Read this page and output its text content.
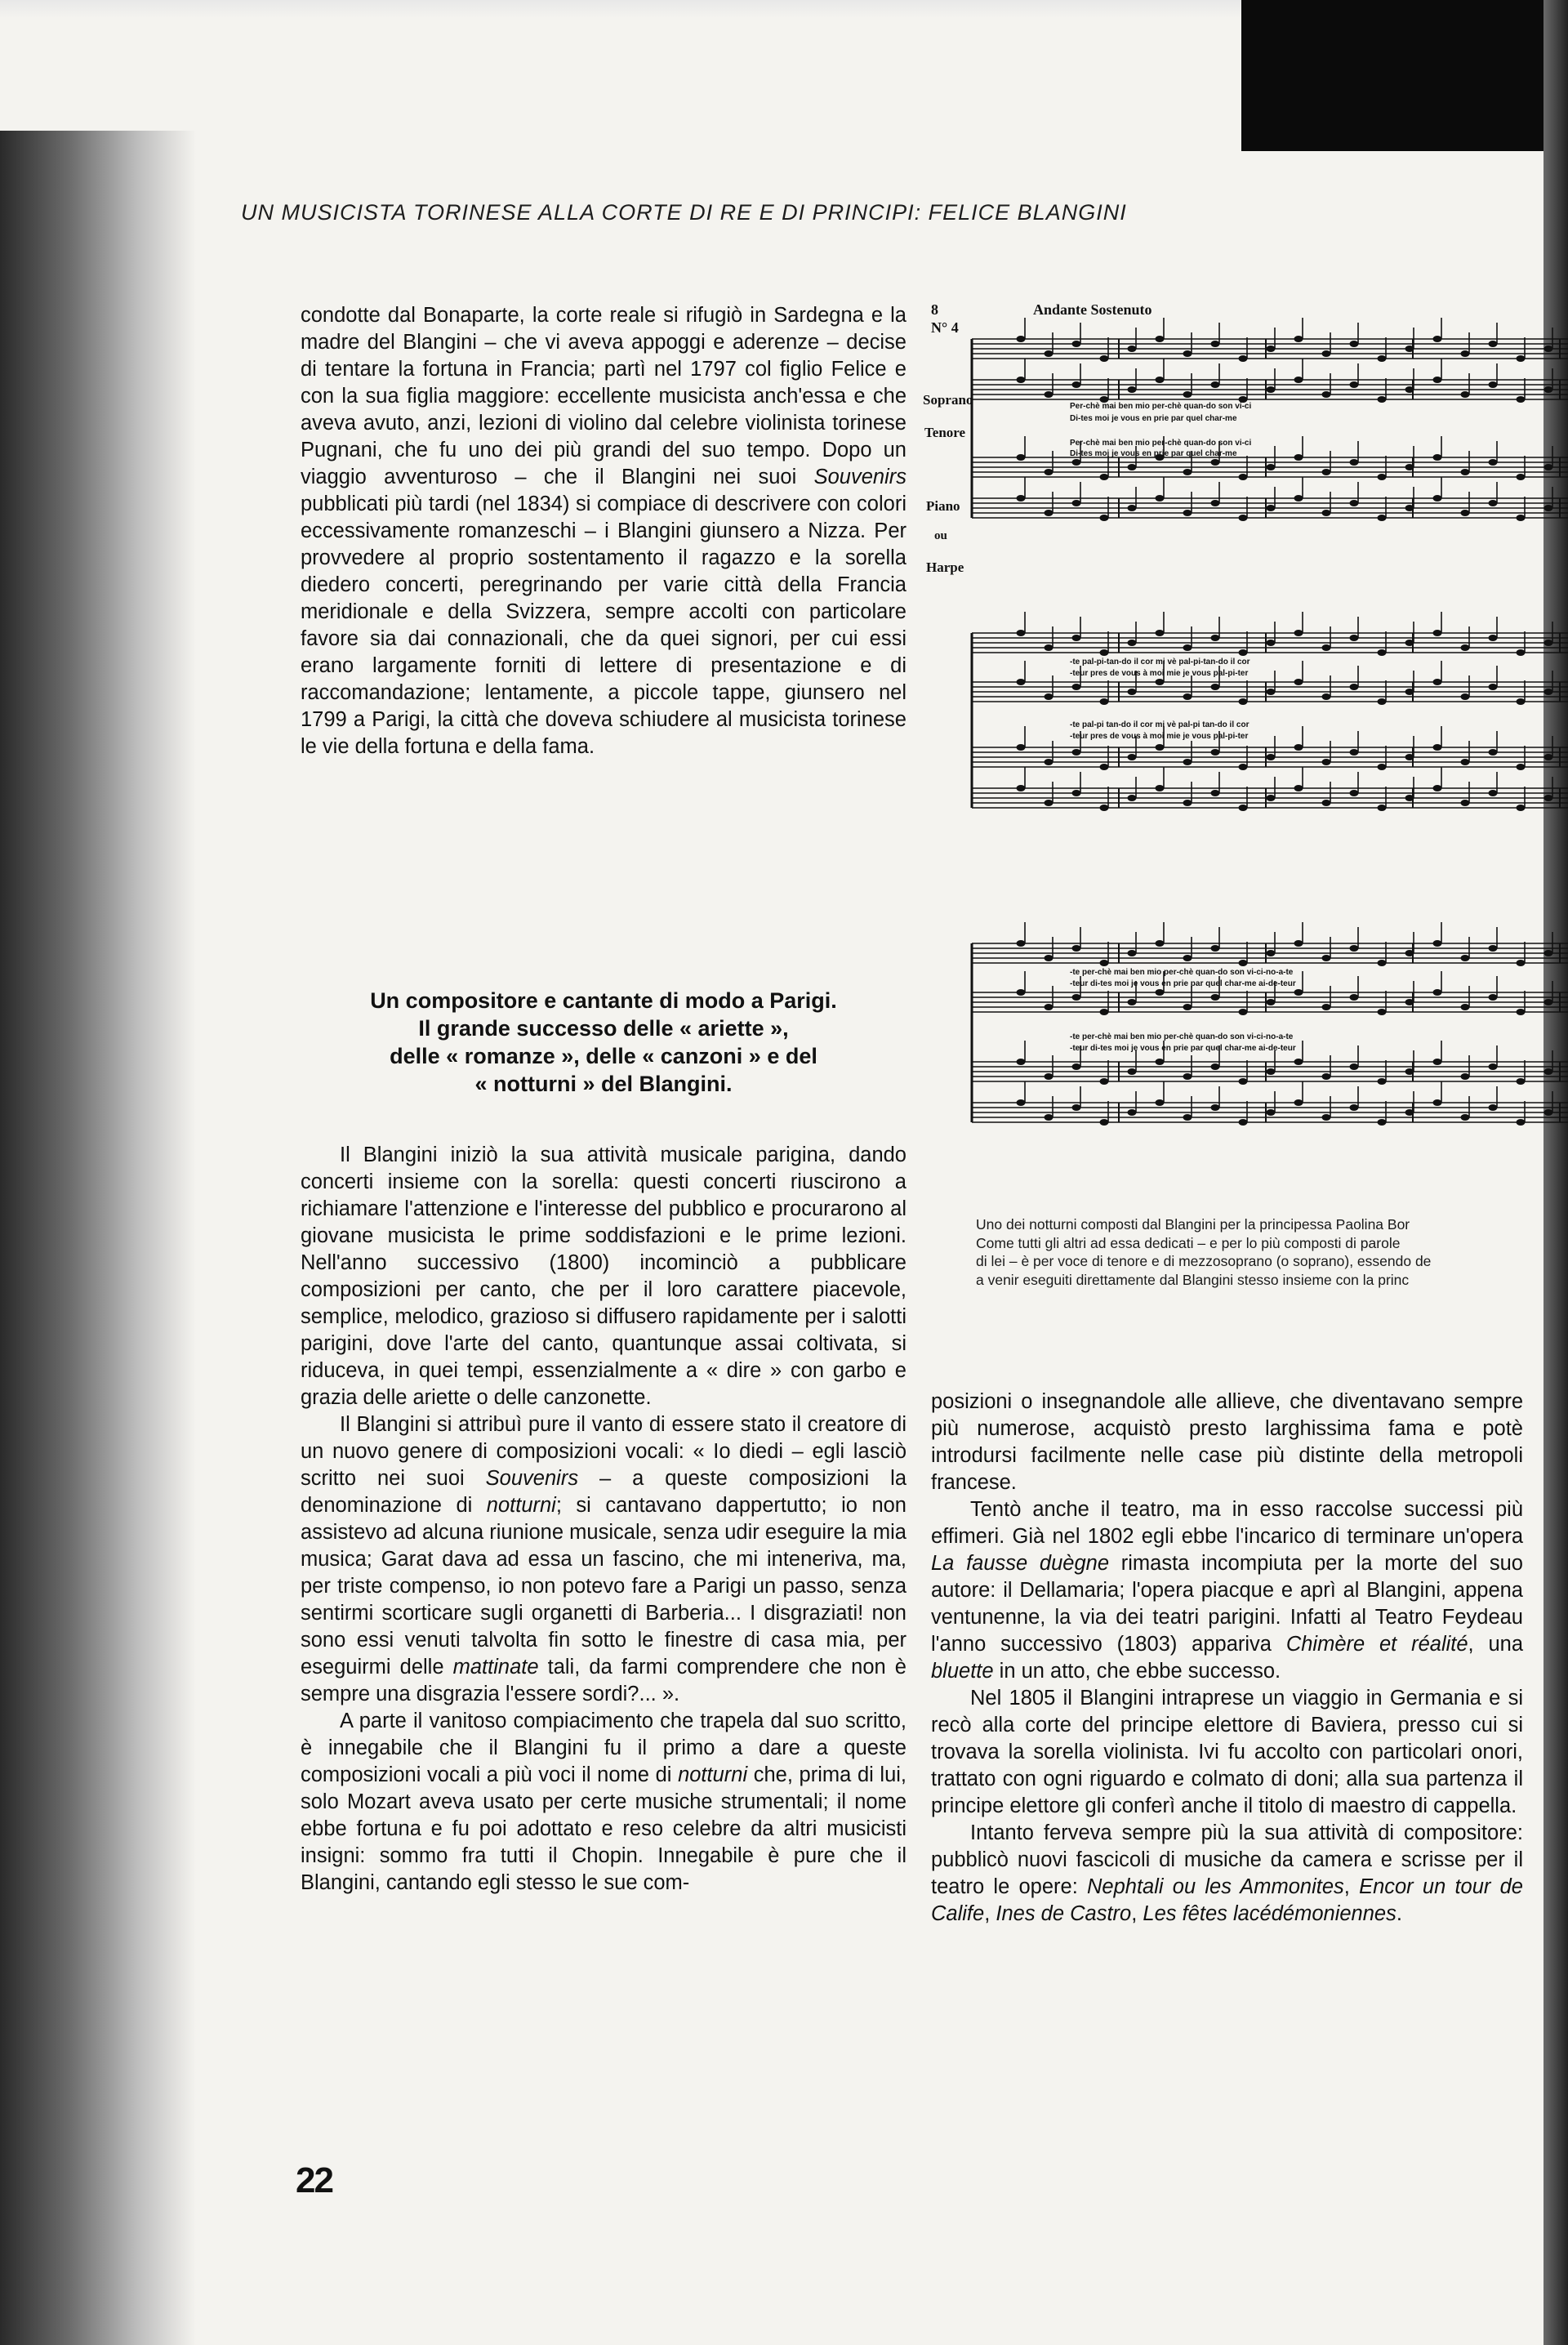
UN MUSICISTA TORINESE ALLA CORTE DI RE E DI PRINCIPI: FELICE BLANGINI

condotte dal Bonaparte, la corte reale si rifugiò in Sardegna e la madre del Blangini – che vi aveva appoggi e aderenze – decise di tentare la fortuna in Francia; partì nel 1797 col figlio Felice e con la sua figlia maggiore: eccellente musicista anch'essa e che aveva avuto, anzi, lezioni di violino dal celebre violinista torinese Pugnani, che fu uno dei più grandi del suo tempo. Dopo un viaggio avventuroso – che il Blangini nei suoi Souvenirs pubblicati più tardi (nel 1834) si compiace di descrivere con colori eccessivamente romanzeschi – i Blangini giunsero a Nizza. Per provvedere al proprio sostentamento il ragazzo e la sorella diedero concerti, peregrinando per varie città della Francia meridionale e della Svizzera, sempre accolti con particolare favore sia dai connazionali, che da quei signori, per cui essi erano largamente forniti di lettere di presentazione e di raccomandazione; lentamente, a piccole tappe, giunsero nel 1799 a Parigi, la città che doveva schiudere al musicista torinese le vie della fortuna e della fama.

Un compositore e cantante di modo a Parigi.
Il grande successo delle « ariette »,
delle « romanze », delle « canzoni » e del
« notturni » del Blangini.

Il Blangini iniziò la sua attività musicale parigina, dando concerti insieme con la sorella: questi concerti riuscirono a richiamare l'attenzione e l'interesse del pubblico e procurarono al giovane musicista le prime soddisfazioni e le prime lezioni. Nell'anno successivo (1800) incominciò a pubblicare composizioni per canto, che per il loro carattere piacevole, semplice, melodico, grazioso si diffusero rapidamente per i salotti parigini, dove l'arte del canto, quantunque assai coltivata, si riduceva, in quei tempi, essenzialmente a « dire » con garbo e grazia delle ariette o delle canzonette.

Il Blangini si attribuì pure il vanto di essere stato il creatore di un nuovo genere di composizioni vocali: « Io diedi – egli lasciò scritto nei suoi Souvenirs – a queste composizioni la denominazione di notturni; si cantavano dappertutto; io non assistevo ad alcuna riunione musicale, senza udir eseguire la mia musica; Garat dava ad essa un fascino, che mi inteneriva, ma, per triste compenso, io non potevo fare a Parigi un passo, senza sentirmi scorticare sugli organetti di Barberia... I disgraziati! non sono essi venuti talvolta fin sotto le finestre di casa mia, per eseguirmi delle mattinate tali, da farmi comprendere che non è sempre una disgrazia l'essere sordi?... ».

A parte il vanitoso compiacimento che trapela dal suo scritto, è innegabile che il Blangini fu il primo a dare a queste composizioni vocali a più voci il nome di notturni che, prima di lui, solo Mozart aveva usato per certe musiche strumentali; il nome ebbe fortuna e fu poi adottato e reso celebre da altri musicisti insigni: sommo fra tutti il Chopin. Innegabile è pure che il Blangini, cantando egli stesso le sue com-

8
N° 4
Andante Sostenuto
Soprano
Tenore
Piano
ou
Harpe
Per-chè mai ben mio per-chè quan-do son vi-ci
Di-tes moi je vous en prie par quel char-me
Per-chè mai ben mio per-chè quan-do son vi-ci
Di-tes moi je vous en prie par quel char-me
-te pal-pi-tan-do il cor mi vè pal-pi-tan-do il cor
-teur pres de vous à moi mie je vous pal-pi-ter
-te pal-pi tan-do il cor mi vè pal-pi tan-do il cor
-teur pres de vous à moi mie je vous pal-pi-ter
-te per-chè mai ben mio per-chè quan-do son vi-ci-no-a-te
-teur di-tes moi je vous en prie par quel char-me ai-de-teur
-te per-chè mai ben mio per-chè quan-do son vi-ci-no-a-te
-teur di-tes moi je vous en prie par quel char-me ai-de-teur
Uno dei notturni composti dal Blangini per la principessa Paolina Bor
Come tutti gli altri ad essa dedicati – e per lo più composti di parole
di lei – è per voce di tenore e di mezzosoprano (o soprano), essendo de
a venir eseguiti direttamente dal Blangini stesso insieme con la princ

posizioni o insegnandole alle allieve, che diventavano sempre più numerose, acquistò presto larghissima fama e potè introdursi facilmente nelle case più distinte della metropoli francese.

Tentò anche il teatro, ma in esso raccolse successi più effimeri. Già nel 1802 egli ebbe l'incarico di terminare un'opera La fausse duègne rimasta incompiuta per la morte del suo autore: il Dellamaria; l'opera piacque e aprì al Blangini, appena ventunenne, la via dei teatri parigini. Infatti al Teatro Feydeau l'anno successivo (1803) appariva Chimère et réalité, una bluette in un atto, che ebbe successo.

Nel 1805 il Blangini intraprese un viaggio in Germania e si recò alla corte del principe elettore di Baviera, presso cui si trovava la sorella violinista. Ivi fu accolto con particolari onori, trattato con ogni riguardo e colmato di doni; alla sua partenza il principe elettore gli conferì anche il titolo di maestro di cappella.

Intanto ferveva sempre più la sua attività di compositore: pubblicò nuovi fascicoli di musiche da camera e scrisse per il teatro le opere: Nephtali ou les Ammonites, Encor un tour de Calife, Ines de Castro, Les fêtes lacédémoniennes.

22
